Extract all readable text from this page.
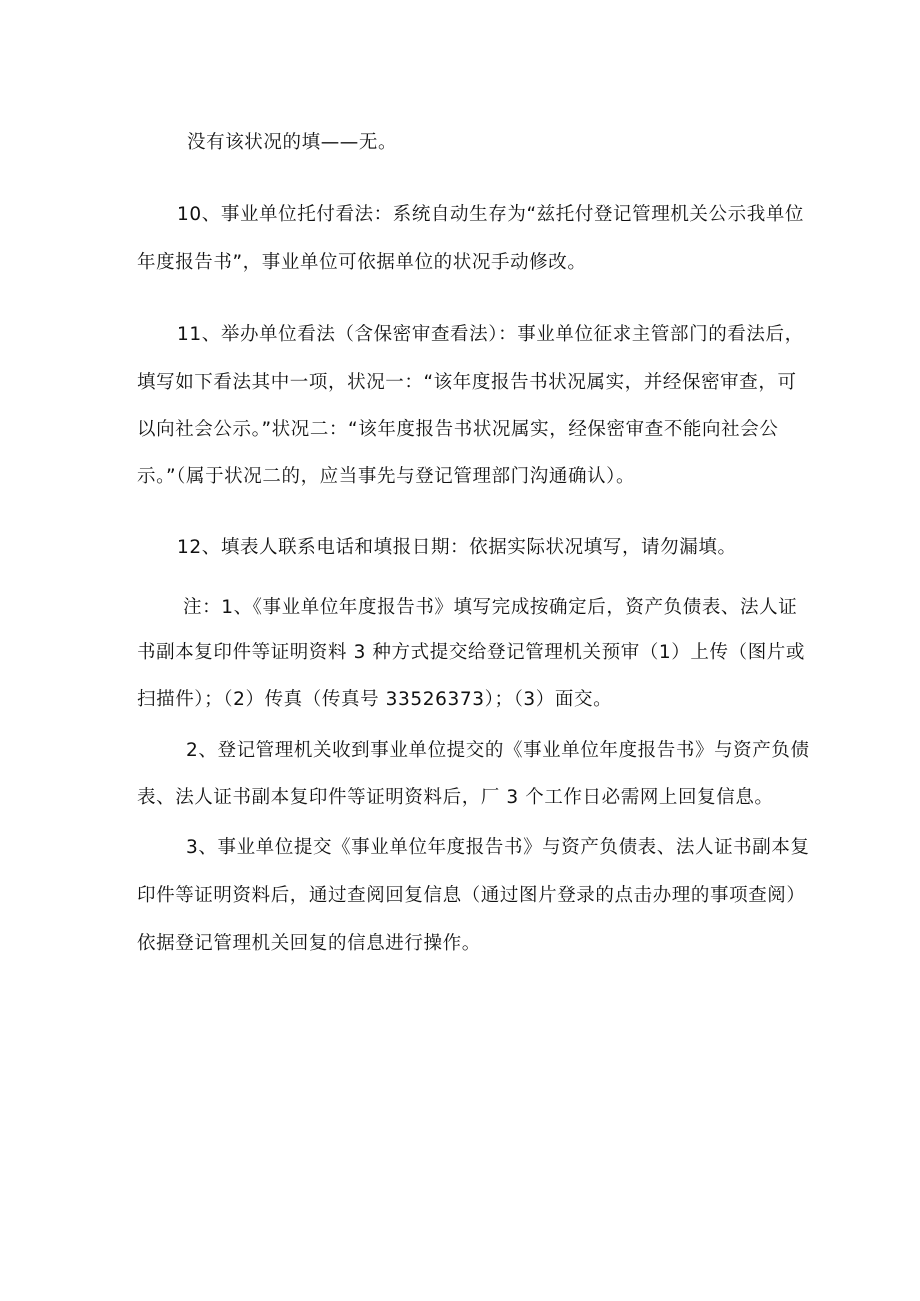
没有该状况的填——无。
10、事业单位托付看法：系统自动生存为“兹托付登记管理机关公示我单位
年度报告书”，事业单位可依据单位的状况手动修改。
11、举办单位看法（含保密审查看法）：事业单位征求主管部门的看法后，
填写如下看法其中一项，状况一：“该年度报告书状况属实，并经保密审查，可
以向社会公示。”状况二：“该年度报告书状况属实，经保密审查不能向社会公
示。”（属于状况二的，应当事先与登记管理部门沟通确认）。
12、填表人联系电话和填报日期：依据实际状况填写，请勿漏填。
注：1、《事业单位年度报告书》填写完成按确定后，资产负债表、法人证
书副本复印件等证明资料 3 种方式提交给登记管理机关预审（1）上传（图片或
扫描件）；（2）传真（传真号 33526373）；（3）面交。
2、登记管理机关收到事业单位提交的《事业单位年度报告书》与资产负债
表、法人证书副本复印件等证明资料后，厂 3 个工作日必需网上回复信息。
3、事业单位提交《事业单位年度报告书》与资产负债表、法人证书副本复
印件等证明资料后，通过查阅回复信息（通过图片登录的点击办理的事项查阅）
依据登记管理机关回复的信息进行操作。
